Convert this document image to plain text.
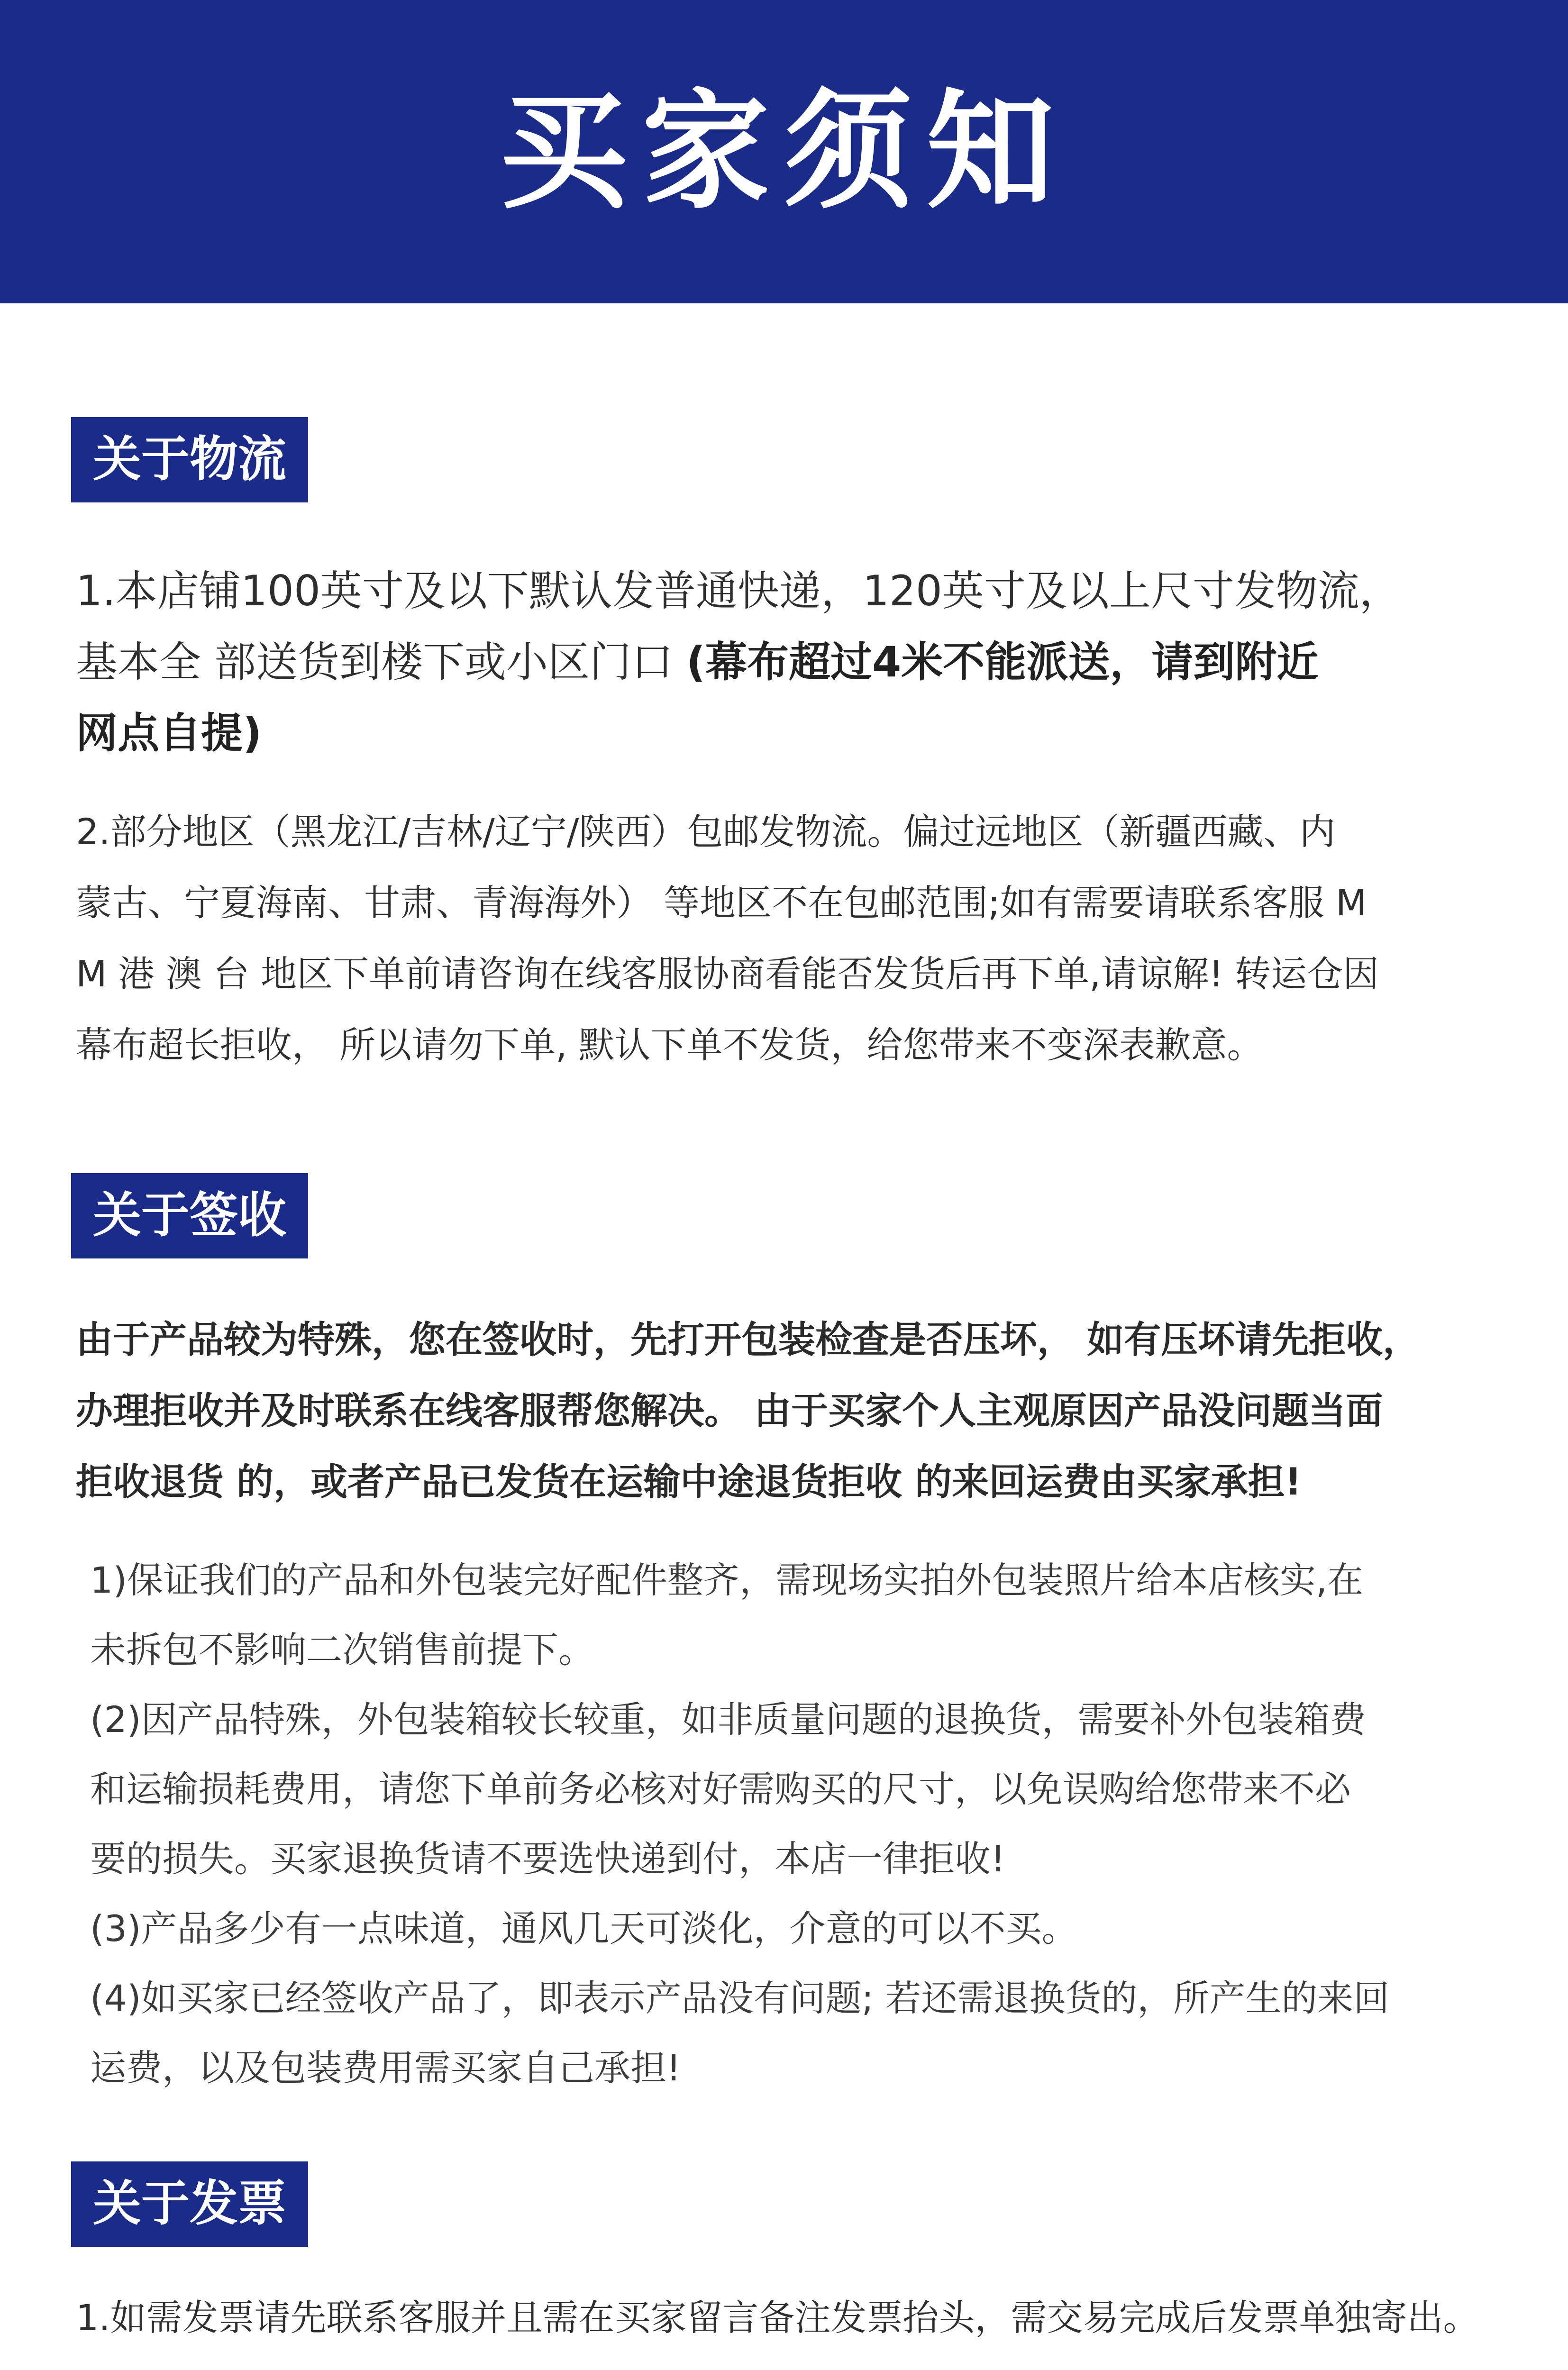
买家须知
关于物流

1.本店铺100英寸及以下默认发普通快递，120英寸及以上尺寸发物流，
基本全 部送货到楼下或小区门口 (幕布超过4米不能派送，请到附近
网点自提)

2.部分地区（黑龙江/吉林/辽宁/陕西）包邮发物流。偏过远地区（新疆西藏、内
蒙古、宁夏海南、甘肃、青海海外） 等地区不在包邮范围;如有需要请联系客服 M
M 港 澳 台 地区下单前请咨询在线客服协商看能否发货后再下单,请谅解! 转运仓因
幕布超长拒收， 所以请勿下单, 默认下单不发货，给您带来不变深表歉意。

关于签收

由于产品较为特殊，您在签收时，先打开包装检查是否压坏， 如有压坏请先拒收，
办理拒收并及时联系在线客服帮您解决。 由于买家个人主观原因产品没问题当面
拒收退货 的，或者产品已发货在运输中途退货拒收 的来回运费由买家承担!

1)保证我们的产品和外包装完好配件整齐，需现场实拍外包装照片给本店核实,在
未拆包不影响二次销售前提下。
(2)因产品特殊，外包装箱较长较重，如非质量问题的退换货，需要补外包装箱费
和运输损耗费用，请您下单前务必核对好需购买的尺寸，以免误购给您带来不必
要的损失。买家退换货请不要选快递到付，本店一律拒收!
(3)产品多少有一点味道，通风几天可淡化，介意的可以不买。
(4)如买家已经签收产品了，即表示产品没有问题; 若还需退换货的，所产生的来回
运费，以及包装费用需买家自己承担!

关于发票

1.如需发票请先联系客服并且需在买家留言备注发票抬头，需交易完成后发票单独寄出。
